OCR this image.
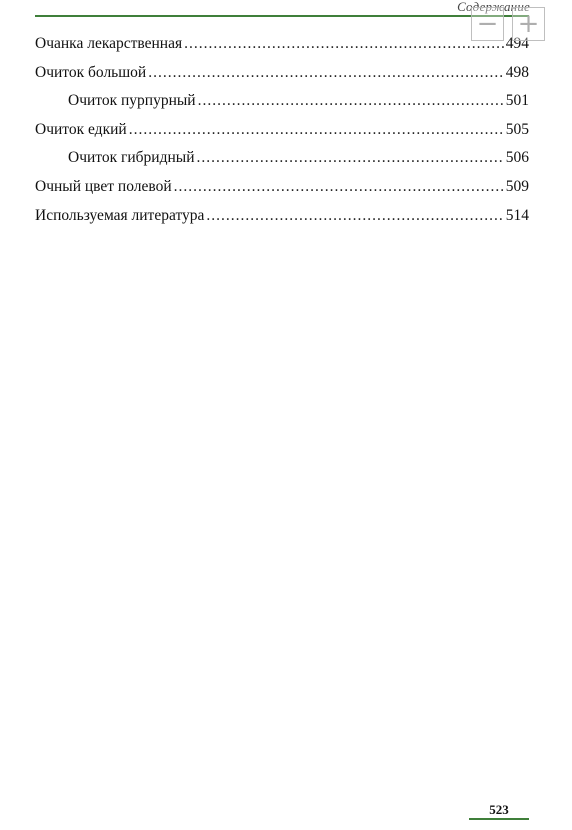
Содержание
− +
Очанка лекарственная .....	494
Очиток большой .....	498
Очиток пурпурный .....	501
Очиток едкий .....	505
Очиток гибридный .....	506
Очный цвет полевой .....	509
Используемая литература .....	514
523
